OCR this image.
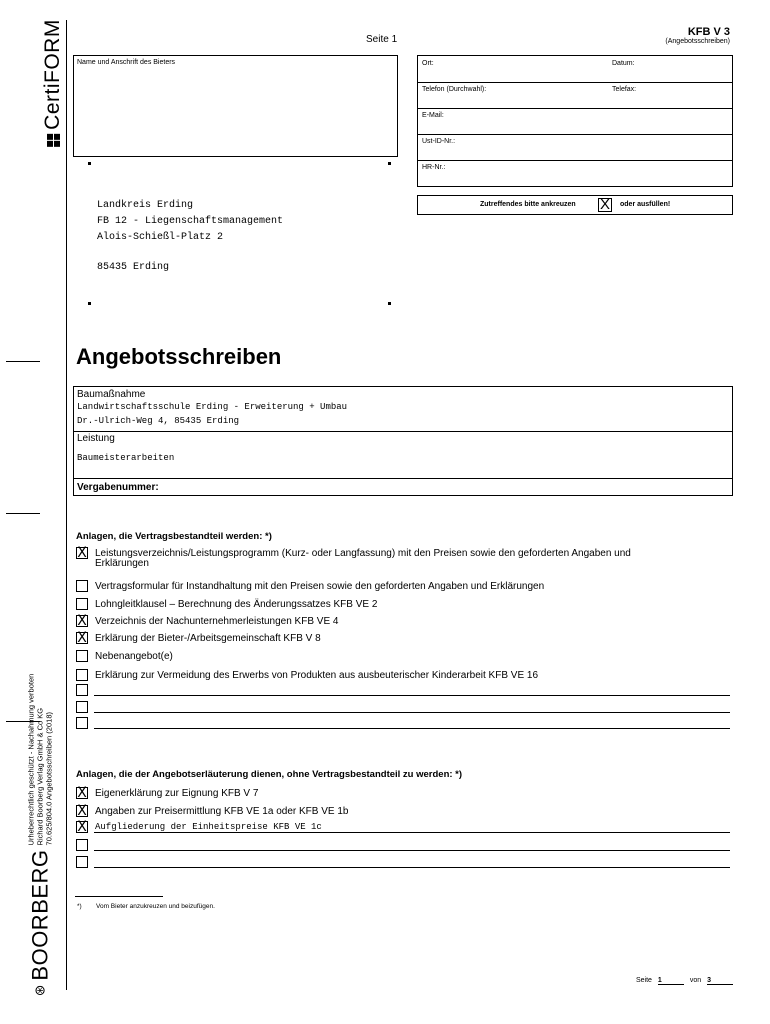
CertiFORM
⊛
BOORBERG
Urheberrechtlich geschützt - Nachahmung verboten
Richard Boorberg Verlag GmbH & Co KG
70.625/804.0 Angebotsschreiben (2018)
Seite 1
KFB V 3
(Angebotsschreiben)
Name und Anschrift des Bieters	Ort:	Datum:
Telefon (Durchwahl):	Telefax:
E-Mail:
Ust-ID-Nr.:
HR-Nr.:
Zutreffendes bitte ankreuzen X oder ausfüllen!
Landkreis Erding
FB 12 - Liegenschaftsmanagement
Alois-Schießl-Platz 2
85435 Erding
Angebotsschreiben
Baumaßnahme
Landwirtschaftsschule Erding - Erweiterung + Umbau
Dr.-Ulrich-Weg 4, 85435 Erding
Leistung
Baumeisterarbeiten
Vergabenummer:
Anlagen, die Vertragsbestandteil werden: *)
X Leistungsverzeichnis/Leistungsprogramm (Kurz- oder Langfassung) mit den Preisen sowie den geforderten Angaben und
Erklärungen
Vertragsformular für Instandhaltung mit den Preisen sowie den geforderten Angaben und Erklärungen
Lohngleitklausel – Berechnung des Änderungssatzes KFB VE 2
X Verzeichnis der Nachunternehmerleistungen KFB VE 4
X Erklärung der Bieter-/Arbeitsgemeinschaft KFB V 8
Nebenangebot(e)
Erklärung zur Vermeidung des Erwerbs von Produkten aus ausbeuterischer Kinderarbeit KFB VE 16
Anlagen, die der Angebotserläuterung dienen, ohne Vertragsbestandteil zu werden: *)
X Eigenerklärung zur Eignung KFB V 7
X Angaben zur Preisermittlung KFB VE 1a oder KFB VE 1b
X Aufgliederung der Einheitspreise KFB VE 1c
*) Vom Bieter anzukreuzen und beizufügen.
Seite 1	von 3
